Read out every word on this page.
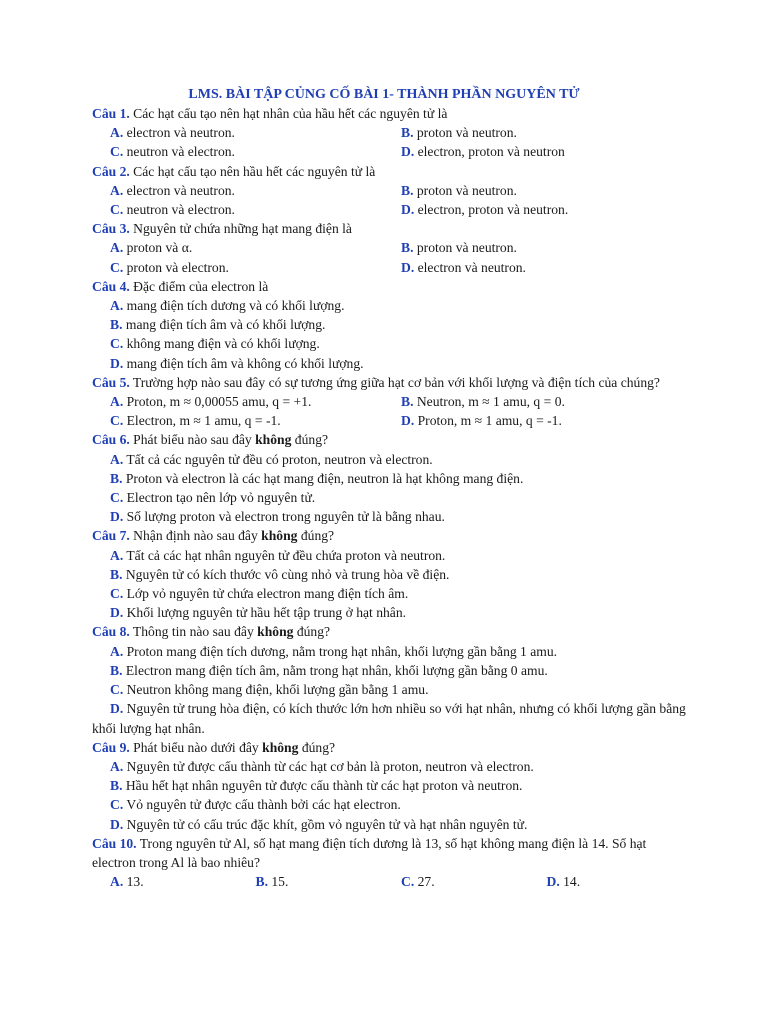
LMS. BÀI TẬP CỦNG CỐ BÀI 1- THÀNH PHẦN NGUYÊN TỬ

Câu 1. Các hạt cấu tạo nên hạt nhân của hầu hết các nguyên tử là

A. electron và neutron.	B. proton và neutron.
C. neutron và electron.	D. electron, proton và neutron

Câu 2. Các hạt cấu tạo nên hầu hết các nguyên tử là

A. electron và neutron.	B. proton và neutron.
C. neutron và electron.	D. electron, proton và neutron.

Câu 3. Nguyên tử chứa những hạt mang điện là

A. proton và α.	B. proton và neutron.
C. proton và electron.	D. electron và neutron.

Câu 4. Đặc điểm của electron là

A. mang điện tích dương và có khối lượng.
B. mang điện tích âm và có khối lượng.
C. không mang điện và có khối lượng.
D. mang điện tích âm và không có khối lượng.

Câu 5. Trường hợp nào sau đây có sự tương ứng giữa hạt cơ bản với khối lượng và điện tích của chúng?

A. Proton, m ≈ 0,00055 amu, q = +1.	B. Neutron, m ≈ 1 amu, q = 0.
C. Electron, m ≈ 1 amu, q = -1.	D. Proton, m ≈ 1 amu, q = -1.

Câu 6. Phát biểu nào sau đây không đúng?

A. Tất cả các nguyên tử đều có proton, neutron và electron.
B. Proton và electron là các hạt mang điện, neutron là hạt không mang điện.
C. Electron tạo nên lớp vỏ nguyên tử.
D. Số lượng proton và electron trong nguyên tử là bằng nhau.

Câu 7. Nhận định nào sau đây không đúng?

A. Tất cả các hạt nhân nguyên tử đều chứa proton và neutron.
B. Nguyên tử có kích thước vô cùng nhỏ và trung hòa về điện.
C. Lớp vỏ nguyên tử chứa electron mang điện tích âm.
D. Khối lượng nguyên tử hầu hết tập trung ở hạt nhân.

Câu 8. Thông tin nào sau đây không đúng?

A. Proton mang điện tích dương, nằm trong hạt nhân, khối lượng gần bằng 1 amu.
B. Electron mang điện tích âm, nằm trong hạt nhân, khối lượng gần bằng 0 amu.
C. Neutron không mang điện, khối lượng gần bằng 1 amu.
D. Nguyên tử trung hòa điện, có kích thước lớn hơn nhiều so với hạt nhân, nhưng có khối lượng gần bằng khối lượng hạt nhân.

Câu 9. Phát biểu nào dưới đây không đúng?

A. Nguyên tử được cấu thành từ các hạt cơ bản là proton, neutron và electron.
B. Hầu hết hạt nhân nguyên tử được cấu thành từ các hạt proton và neutron.
C. Vỏ nguyên tử được cấu thành bởi các hạt electron.
D. Nguyên tử có cấu trúc đặc khít, gồm vỏ nguyên tử và hạt nhân nguyên tử.

Câu 10. Trong nguyên tử Al, số hạt mang điện tích dương là 13, số hạt không mang điện là 14. Số hạt electron trong Al là bao nhiêu?

A. 13.	B. 15.	C. 27.	D. 14.
